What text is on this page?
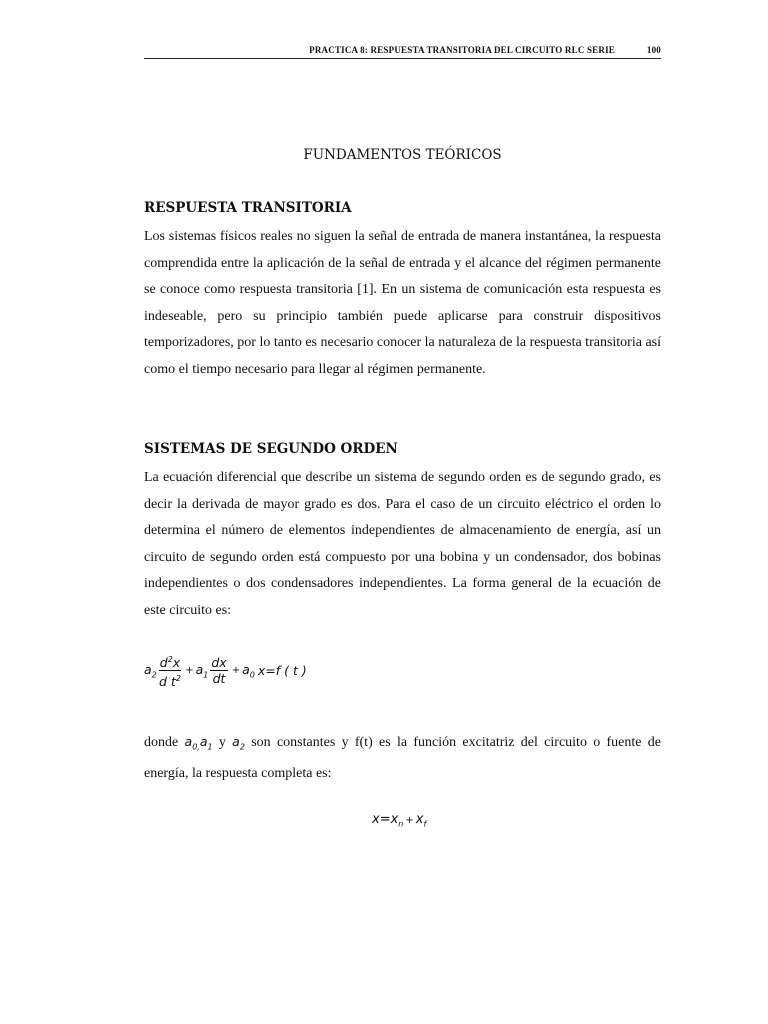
PRACTICA 8: RESPUESTA TRANSITORIA DEL CIRCUITO RLC SERIE	100
FUNDAMENTOS TEÓRICOS
RESPUESTA TRANSITORIA
Los sistemas físicos reales no siguen la señal de entrada de manera instantánea, la respuesta comprendida entre la aplicación de la señal de entrada y el alcance del régimen permanente se conoce como respuesta transitoria [1]. En un sistema de comunicación esta respuesta es indeseable, pero su principio también puede aplicarse para construir dispositivos temporizadores, por lo tanto es necesario conocer la naturaleza de la respuesta transitoria así como el tiempo necesario para llegar al régimen permanente.
SISTEMAS DE SEGUNDO ORDEN
La ecuación diferencial que describe un sistema de segundo orden es de segundo grado, es decir la derivada de mayor grado es dos. Para el caso de un circuito eléctrico el orden lo determina el número de elementos independientes de almacenamiento de energía, así un circuito de segundo orden está compuesto por una bobina y un condensador, dos bobinas independientes o dos condensadores independientes. La forma general de la ecuación de este circuito es:
$a_2 \frac{d^2x}{d t^2} + a_1 \frac{dx}{dt} + a_0$ x=f ( t )
donde $a_{0,}a_1$ y $a_2$ son constantes y f(t) es la función excitatriz del circuito o fuente de energía, la respuesta completa es:
$x=x_n + x_f$
